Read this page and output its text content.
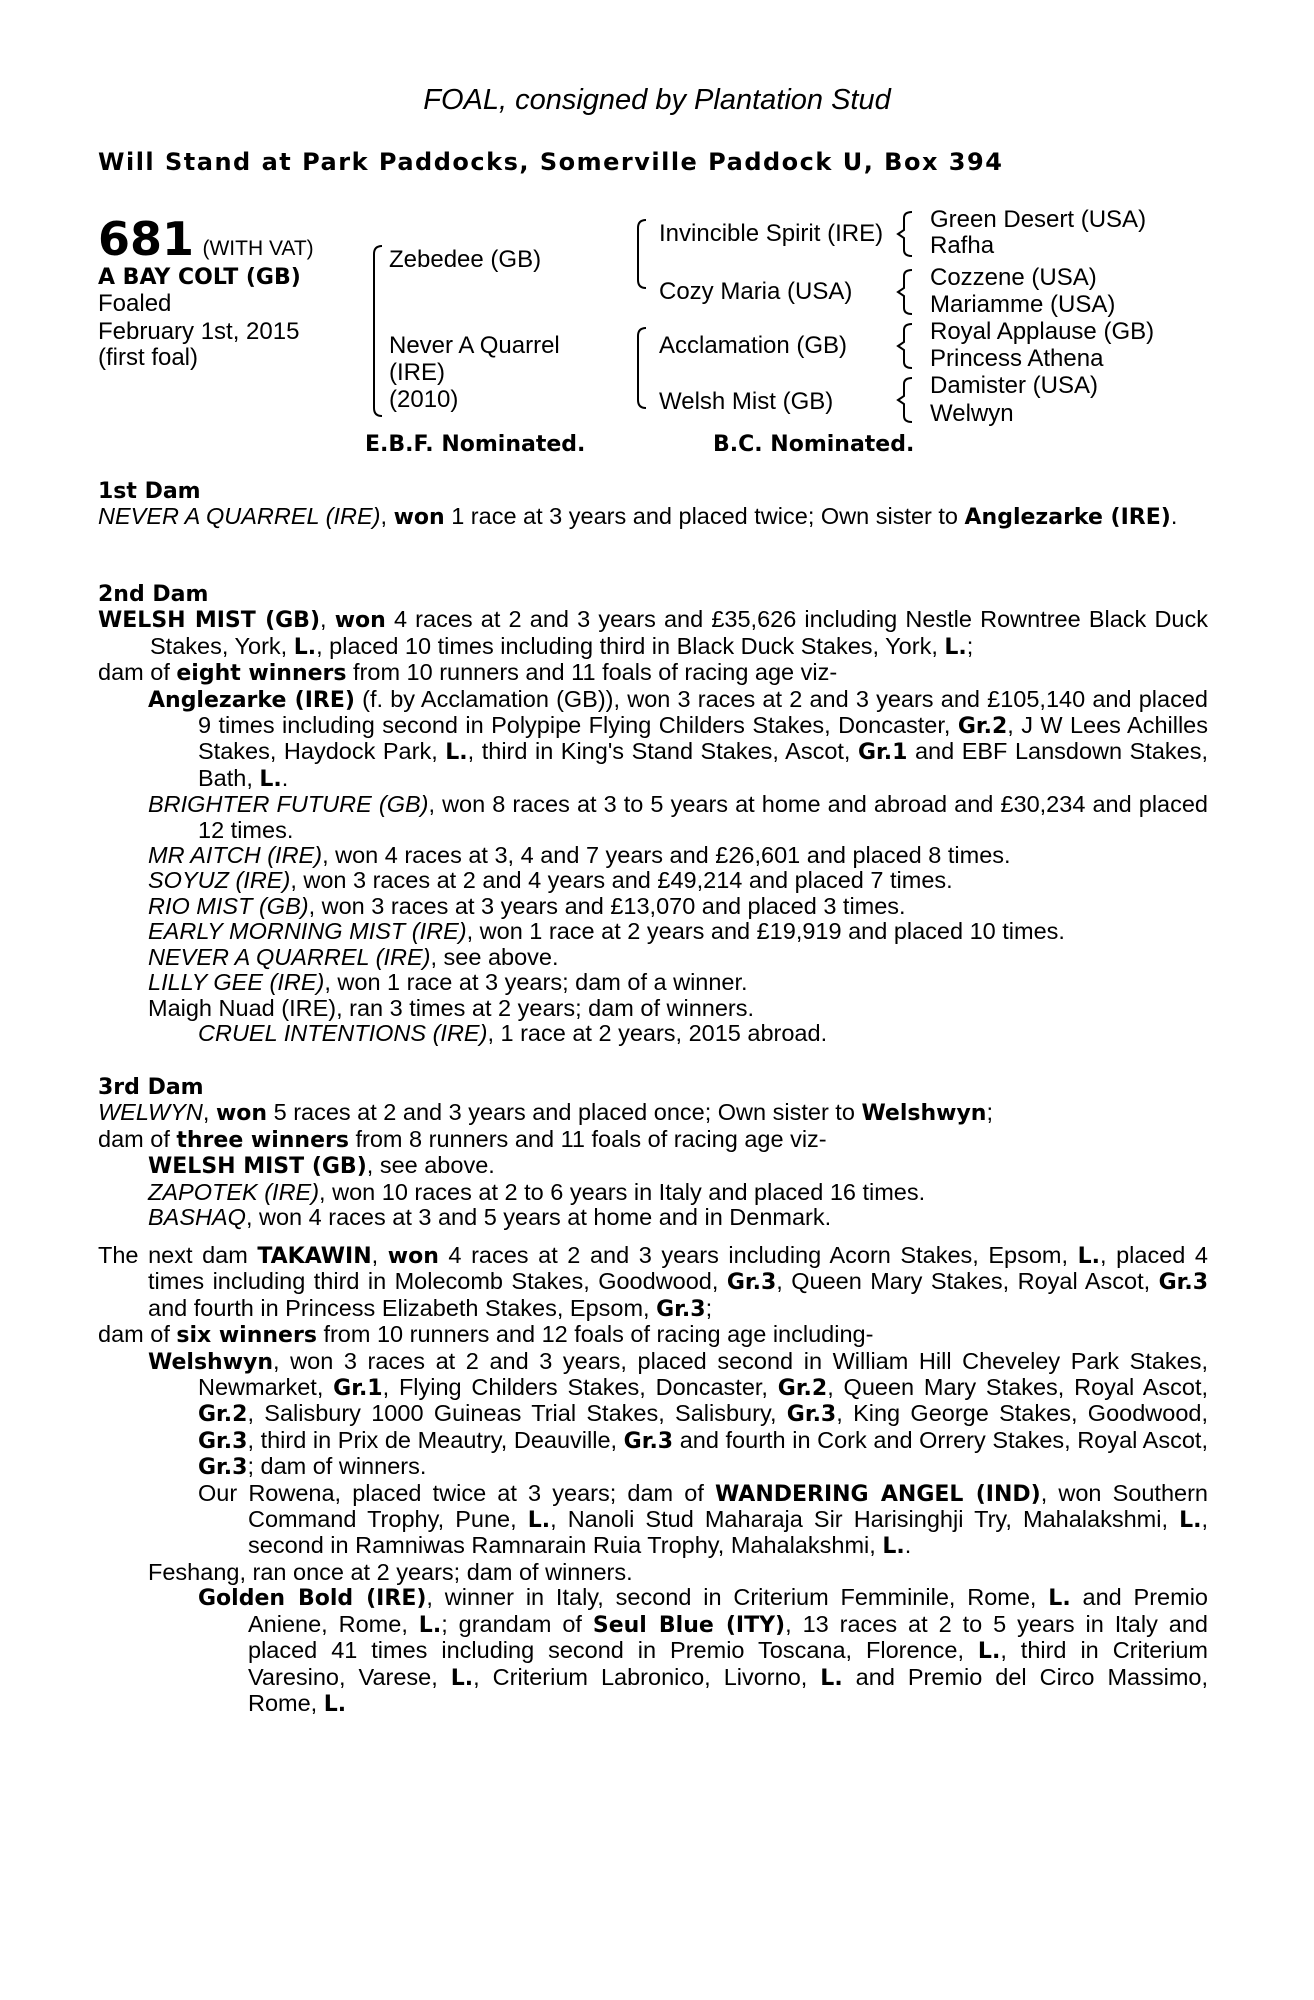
FOAL, consigned by Plantation Stud
Will Stand at Park Paddocks, Somerville Paddock U, Box 394
681 (WITH VAT)
A BAY COLT (GB)
Foaled
February 1st, 2015
(first foal)
Zebedee (GB)
Never A Quarrel
(IRE)
(2010)
Invincible Spirit (IRE)
Cozy Maria (USA)
Acclamation (GB)
Welsh Mist (GB)
Green Desert (USA)
Rafha
Cozzene (USA)
Mariamme (USA)
Royal Applause (GB)
Princess Athena
Damister (USA)
Welwyn
E.B.F. Nominated.	B.C. Nominated.
1st Dam
NEVER A QUARREL (IRE), won 1 race at 3 years and placed twice; Own sister to Anglezarke (IRE).
2nd Dam
WELSH MIST (GB), won 4 races at 2 and 3 years and £35,626 including Nestle Rowntree Black Duck Stakes, York, L., placed 10 times including third in Black Duck Stakes, York, L.;
dam of eight winners from 10 runners and 11 foals of racing age viz-
Anglezarke (IRE) (f. by Acclamation (GB)), won 3 races at 2 and 3 years and £105,140 and placed 9 times including second in Polypipe Flying Childers Stakes, Doncaster, Gr.2, J W Lees Achilles Stakes, Haydock Park, L., third in King's Stand Stakes, Ascot, Gr.1 and EBF Lansdown Stakes, Bath, L..
BRIGHTER FUTURE (GB), won 8 races at 3 to 5 years at home and abroad and £30,234 and placed 12 times.
MR AITCH (IRE), won 4 races at 3, 4 and 7 years and £26,601 and placed 8 times.
SOYUZ (IRE), won 3 races at 2 and 4 years and £49,214 and placed 7 times.
RIO MIST (GB), won 3 races at 3 years and £13,070 and placed 3 times.
EARLY MORNING MIST (IRE), won 1 race at 2 years and £19,919 and placed 10 times.
NEVER A QUARREL (IRE), see above.
LILLY GEE (IRE), won 1 race at 3 years; dam of a winner.
Maigh Nuad (IRE), ran 3 times at 2 years; dam of winners.
CRUEL INTENTIONS (IRE), 1 race at 2 years, 2015 abroad.
3rd Dam
WELWYN, won 5 races at 2 and 3 years and placed once; Own sister to Welshwyn;
dam of three winners from 8 runners and 11 foals of racing age viz-
WELSH MIST (GB), see above.
ZAPOTEK (IRE), won 10 races at 2 to 6 years in Italy and placed 16 times.
BASHAQ, won 4 races at 3 and 5 years at home and in Denmark.
The next dam TAKAWIN, won 4 races at 2 and 3 years including Acorn Stakes, Epsom, L., placed 4 times including third in Molecomb Stakes, Goodwood, Gr.3, Queen Mary Stakes, Royal Ascot, Gr.3 and fourth in Princess Elizabeth Stakes, Epsom, Gr.3;
dam of six winners from 10 runners and 12 foals of racing age including-
Welshwyn, won 3 races at 2 and 3 years, placed second in William Hill Cheveley Park Stakes, Newmarket, Gr.1, Flying Childers Stakes, Doncaster, Gr.2, Queen Mary Stakes, Royal Ascot, Gr.2, Salisbury 1000 Guineas Trial Stakes, Salisbury, Gr.3, King George Stakes, Goodwood, Gr.3, third in Prix de Meautry, Deauville, Gr.3 and fourth in Cork and Orrery Stakes, Royal Ascot, Gr.3; dam of winners.
Our Rowena, placed twice at 3 years; dam of WANDERING ANGEL (IND), won Southern Command Trophy, Pune, L., Nanoli Stud Maharaja Sir Harisinghji Try, Mahalakshmi, L., second in Ramniwas Ramnarain Ruia Trophy, Mahalakshmi, L..
Feshang, ran once at 2 years; dam of winners.
Golden Bold (IRE), winner in Italy, second in Criterium Femminile, Rome, L. and Premio Aniene, Rome, L.; grandam of Seul Blue (ITY), 13 races at 2 to 5 years in Italy and placed 41 times including second in Premio Toscana, Florence, L., third in Criterium Varesino, Varese, L., Criterium Labronico, Livorno, L. and Premio del Circo Massimo, Rome, L.
